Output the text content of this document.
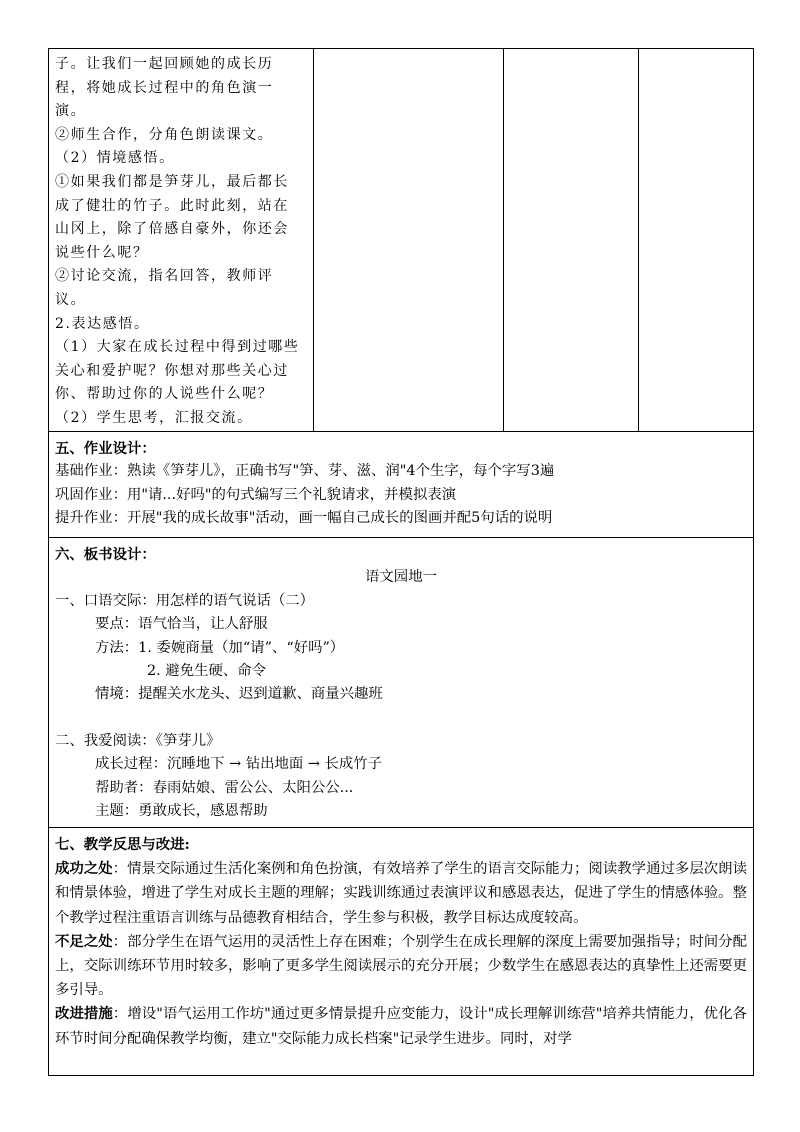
子。让我们一起回顾她的成长历
程，将她成长过程中的角色演一
演。
②师生合作，分角色朗读课文。
（2）情境感悟。
①如果我们都是笋芽儿，最后都长
成了健壮的竹子。此时此刻，站在
山冈上，除了倍感自豪外，你还会
说些什么呢？
②讨论交流，指名回答，教师评
议。
2.表达感悟。
（1）大家在成长过程中得到过哪些
关心和爱护呢？你想对那些关心过
你、帮助过你的人说些什么呢？
（2）学生思考，汇报交流。

五、作业设计：
基础作业：熟读《笋芽儿》，正确书写"笋、芽、滋、润"4个生字，每个字写3遍
巩固作业：用"请...好吗"的句式编写三个礼貌请求，并模拟表演
提升作业：开展"我的成长故事"活动，画一幅自己成长的图画并配5句话的说明

六、板书设计：
语文园地一
一、口语交际：用怎样的语气说话（二）
要点：语气恰当，让人舒服
方法：1. 委婉商量（加“请”、“好吗”）
2. 避免生硬、命令
情境：提醒关水龙头、迟到道歉、商量兴趣班
二、我爱阅读：《笋芽儿》
成长过程：沉睡地下 → 钻出地面 → 长成竹子
帮助者：春雨姑娘、雷公公、太阳公公...
主题：勇敢成长，感恩帮助

七、教学反思与改进:
成功之处：情景交际通过生活化案例和角色扮演，有效培养了学生的语言交际能力；阅读教学通过多层次朗读和情景体验，增进了学生对成长主题的理解；实践训练通过表演评议和感恩表达，促进了学生的情感体验。整个教学过程注重语言训练与品德教育相结合，学生参与积极，教学目标达成度较高。
不足之处：部分学生在语气运用的灵活性上存在困难；个别学生在成长理解的深度上需要加强指导；时间分配上，交际训练环节用时较多，影响了更多学生阅读展示的充分开展；少数学生在感恩表达的真挚性上还需要更多引导。
改进措施：增设"语气运用工作坊"通过更多情景提升应变能力，设计"成长理解训练营"培养共情能力，优化各环节时间分配确保教学均衡，建立"交际能力成长档案"记录学生进步。同时，对学
